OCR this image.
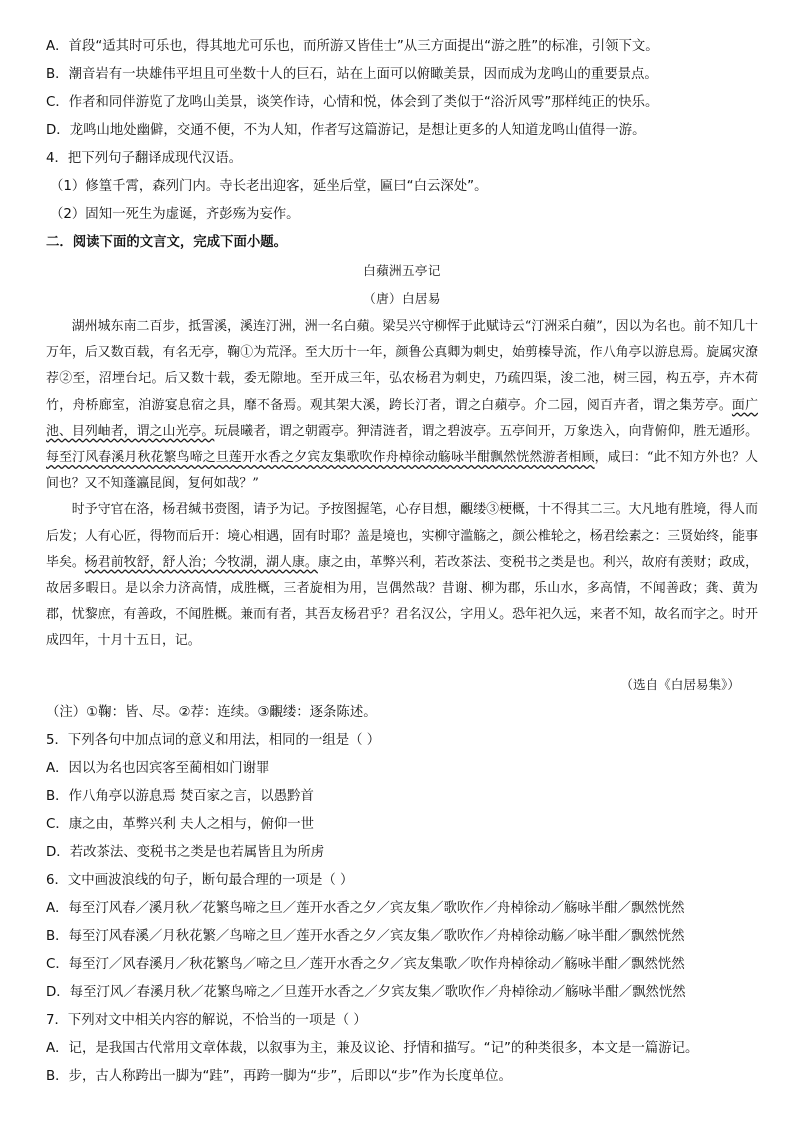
A．首段“适其时可乐也，得其地尤可乐也，而所游又皆佳士”从三方面提出“游之胜”的标准，引领下文。
B．潮音岩有一块雄伟平坦且可坐数十人的巨石，站在上面可以俯瞰美景，因而成为龙鸣山的重要景点。
C．作者和同伴游览了龙鸣山美景，谈笑作诗，心情和悦，体会到了类似于“浴沂风雩”那样纯正的快乐。
D．龙鸣山地处幽僻，交通不便，不为人知，作者写这篇游记，是想让更多的人知道龙鸣山值得一游。
4．把下列句子翻译成现代汉语。
（1）修篁千霄，森列门内。寺长老出迎客，延坐后堂，匾曰“白云深处”。
（2）固知一死生为虚诞，齐彭殇为妄作。
二．阅读下面的文言文，完成下面小题。
白蘋洲五亭记
（唐）白居易

湖州城东南二百步，抵霅溪，溪连汀洲，洲一名白蘋。梁吴兴守柳恽于此赋诗云“汀洲采白蘋”，因以为名也。前不知几十万年，后又数百载，有名无亭，鞠①为荒泽。至大历十一年，颜鲁公真卿为刺史，始剪榛导流，作八角亭以游息焉。旋属灾潦荐②至，沼堙台圮。后又数十载，委无隙地。至开成三年，弘农杨君为刺史，乃疏四渠，浚二池，树三园，构五亭，卉木荷竹，舟桥廊室，洎游宴息宿之具，靡不备焉。观其架大溪，跨长汀者，谓之白蘋亭。介二园，阅百卉者，谓之集芳亭。面广池、目列岫者，谓之山光亭。玩晨曦者，谓之朝霞亭。狎清涟者，谓之碧波亭。五亭间开，万象迭入，向背俯仰，胜无遁形。每至汀风春溪月秋花繁鸟啼之旦莲开水香之夕宾友集歌吹作舟棹徐动觞咏半酣飘然恍然游者相顾，咸曰：“此不知方外也？人间也？又不知蓬瀛昆阆，复何如哉？”

时予守官在洛，杨君缄书赍图，请予为记。予按图握笔，心存目想，覼缕③梗概，十不得其二三。大凡地有胜境，得人而后发；人有心匠，得物而后开：境心相遇，固有时耶？盖是境也，实柳守滥觞之，颜公椎轮之，杨君绘素之：三贤始终，能事毕矣。杨君前牧舒，舒人治；今牧湖，湖人康。康之由，革弊兴利，若改茶法、变税书之类是也。利兴，故府有羡财；政成，故居多暇日。是以余力济高情，成胜概，三者旋相为用，岂偶然哉？昔谢、柳为郡，乐山水，多高情，不闻善政；龚、黄为郡，忧黎庶，有善政，不闻胜概。兼而有者，其吾友杨君乎？君名汉公，字用乂。恐年祀久远，来者不知，故名而字之。时开成四年，十月十五日，记。

（选自《白居易集》）
（注）①鞠：皆、尽。②荐：连续。③覼缕：逐条陈述。
5．下列各句中加点词的意义和用法，相同的一组是（ ）
A．因以为名也因宾客至蔺相如门谢罪
B．作八角亭以游息焉 焚百家之言，以愚黔首
C．康之由，革弊兴利 夫人之相与，俯仰一世
D．若改茶法、变税书之类是也若属皆且为所虏
6．文中画波浪线的句子，断句最合理的一项是（ ）
A．每至汀风春／溪月秋／花繁鸟啼之旦／莲开水香之夕／宾友集／歌吹作／舟棹徐动／觞咏半酣／飘然恍然
B．每至汀风春溪／月秋花繁／鸟啼之旦／莲开水香之夕／宾友集／歌吹作／舟棹徐动觞／咏半酣／飘然恍然
C．每至汀／风春溪月／秋花繁鸟／啼之旦／莲开水香之夕／宾友集歌／吹作舟棹徐动／觞咏半酣／飘然恍然
D．每至汀风／春溪月秋／花繁鸟啼之／旦莲开水香之／夕宾友集／歌吹作／舟棹徐动／觞咏半酣／飘然恍然
7．下列对文中相关内容的解说，不恰当的一项是（ ）
A．记，是我国古代常用文章体裁，以叙事为主，兼及议论、抒情和描写。“记”的种类很多，本文是一篇游记。
B．步，古人称跨出一脚为“跬”，再跨一脚为“步”，后即以“步”作为长度单位。
